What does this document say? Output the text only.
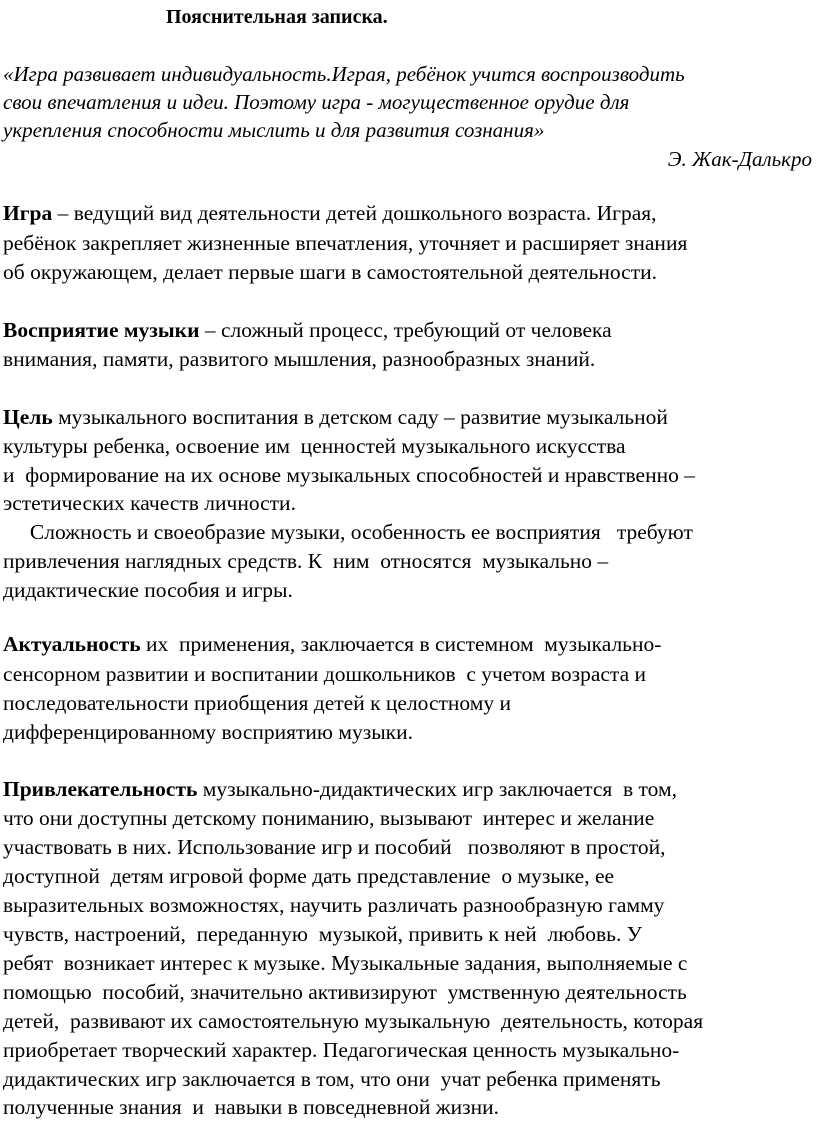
Пояснительная записка.
«Игра развивает индивидуальность.Играя, ребёнок учится воспроизводить
свои впечатления и идеи. Поэтому игра - могущественное орудие для
укрепления способности мыслить и для развития сознания»
Э. Жак-Далькро
Игра – ведущий вид деятельности детей дошкольного возраста. Играя,
ребёнок закрепляет жизненные впечатления, уточняет и расширяет знания
об окружающем, делает первые шаги в самостоятельной деятельности.
Восприятие музыки – сложный процесс, требующий от человека
внимания, памяти, развитого мышления, разнообразных знаний.
Цель музыкального воспитания в детском саду – развитие музыкальной
культуры ребенка, освоение им  ценностей музыкального искусства
и  формирование на их основе музыкальных способностей и нравственно –
эстетических качеств личности.
Сложность и своеобразие музыки, особенность ее восприятия   требуют
привлечения наглядных средств. К  ним  относятся  музыкально –
дидактические пособия и игры.
Актуальность их  применения, заключается в системном  музыкально-
сенсорном развитии и воспитании дошкольников  с учетом возраста и
последовательности приобщения детей к целостному и
дифференцированному восприятию музыки.
Привлекательность музыкально-дидактических игр заключается  в том,
что они доступны детскому пониманию, вызывают  интерес и желание
участвовать в них. Использование игр и пособий   позволяют в простой,
доступной  детям игровой форме дать представление  о музыке, ее
выразительных возможностях, научить различать разнообразную гамму
чувств, настроений,  переданную  музыкой, привить к ней  любовь. У
ребят  возникает интерес к музыке. Музыкальные задания, выполняемые с
помощью  пособий, значительно активизируют  умственную деятельность
детей,  развивают их самостоятельную музыкальную  деятельность, которая
приобретает творческий характер. Педагогическая ценность музыкально-
дидактических игр заключается в том, что они  учат ребенка применять
полученные знания  и  навыки в повседневной жизни.
